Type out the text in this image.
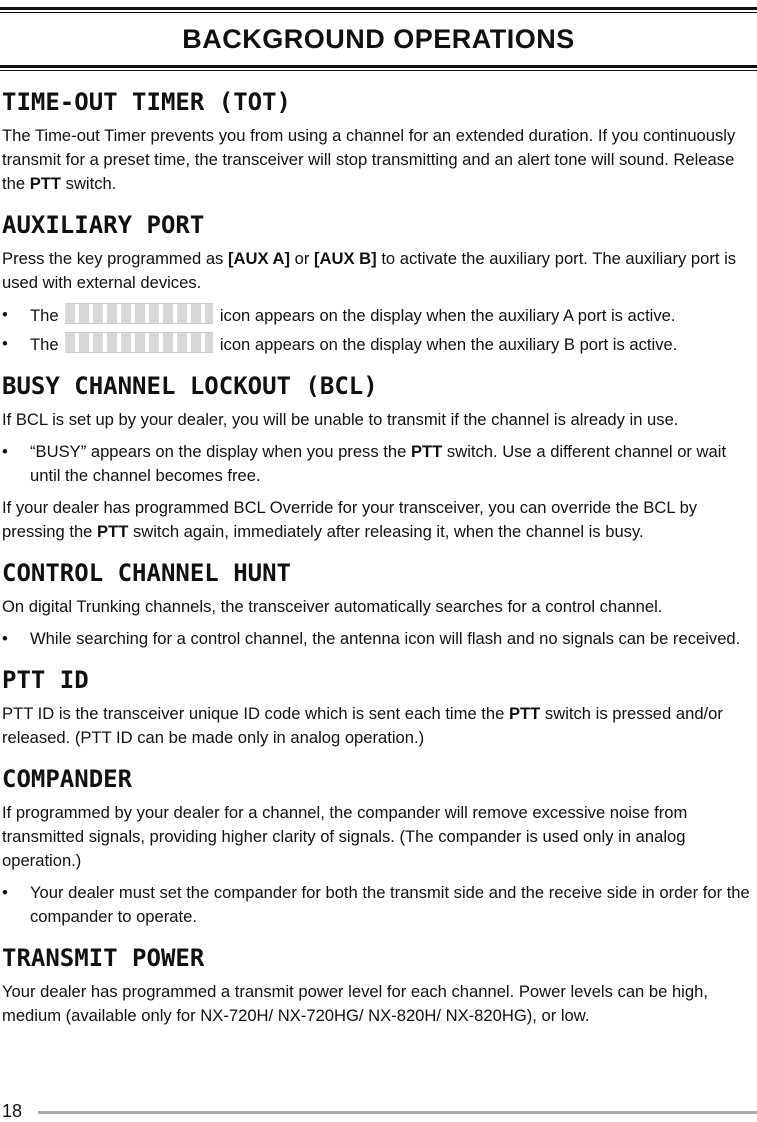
BACKGROUND OPERATIONS
TIME-OUT TIMER (TOT)

The Time-out Timer prevents you from using a channel for an extended duration. If you continuously transmit for a preset time, the transceiver will stop transmitting and an alert tone will sound. Release the PTT switch.

AUXILIARY PORT

Press the key programmed as [AUX A] or [AUX B] to activate the auxiliary port. The auxiliary port is used with external devices.

• The	icon appears on the display when the auxiliary A port is active.
• The	icon appears on the display when the auxiliary B port is active.
BUSY CHANNEL LOCKOUT (BCL)

If BCL is set up by your dealer, you will be unable to transmit if the channel is already in use.

• “BUSY” appears on the display when you press the PTT switch. Use a different channel or wait until the channel becomes free.

If your dealer has programmed BCL Override for your transceiver, you can override the BCL by pressing the PTT switch again, immediately after releasing it, when the channel is busy.

CONTROL CHANNEL HUNT

On digital Trunking channels, the transceiver automatically searches for a control channel.

• While searching for a control channel, the antenna icon will flash and no signals can be received.
PTT ID

PTT ID is the transceiver unique ID code which is sent each time the PTT switch is pressed and/or released. (PTT ID can be made only in analog operation.)

COMPANDER

If programmed by your dealer for a channel, the compander will remove excessive noise from transmitted signals, providing higher clarity of signals. (The compander is used only in analog operation.)

• Your dealer must set the compander for both the transmit side and the receive side in order for the compander to operate.
TRANSMIT POWER

Your dealer has programmed a transmit power level for each channel. Power levels can be high, medium (available only for NX-720H/ NX-720HG/ NX-820H/ NX-820HG), or low.

18
